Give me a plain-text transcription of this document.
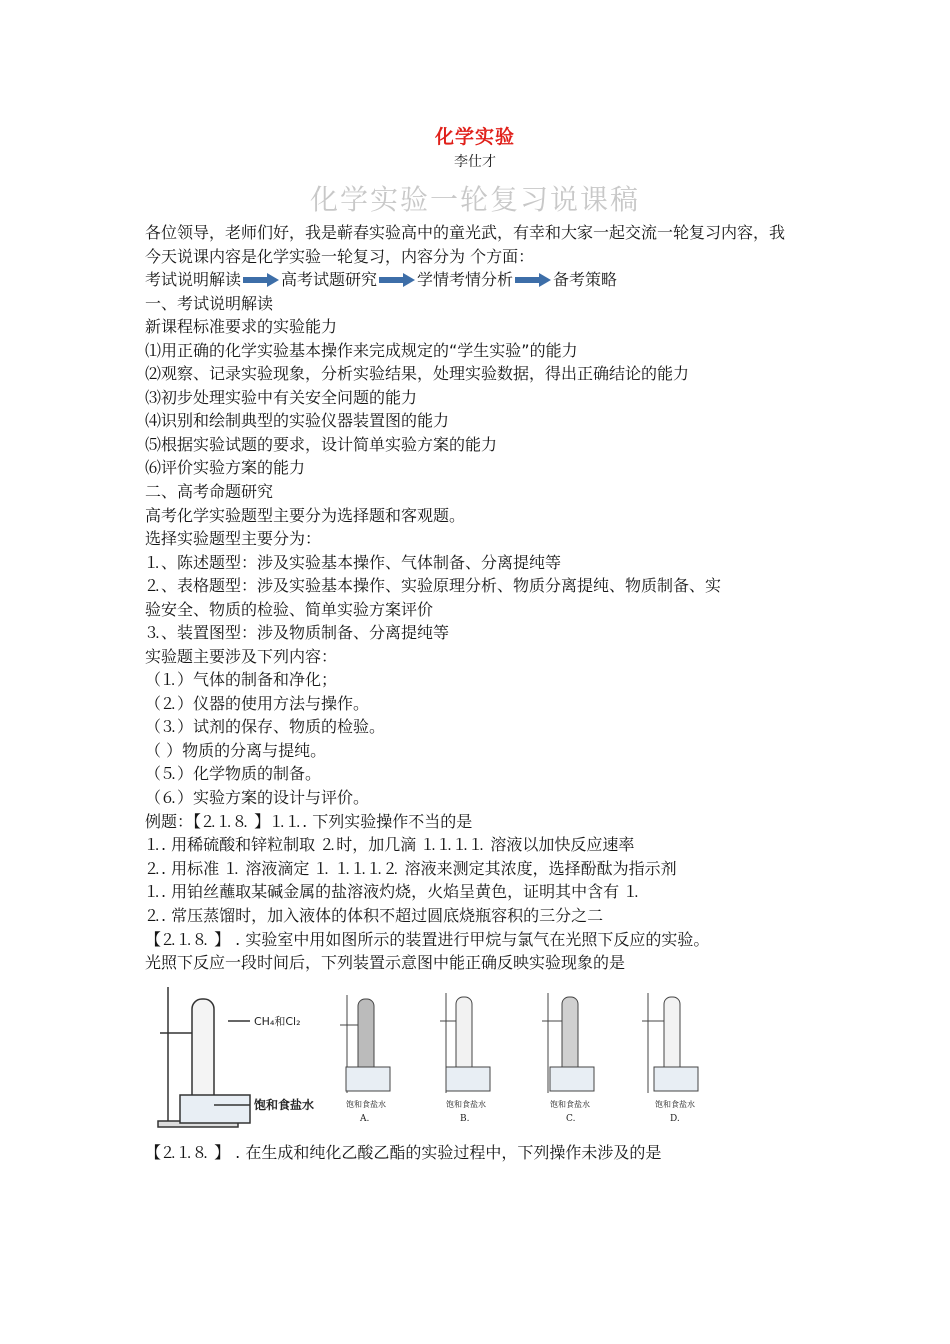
化学实验
李仕才
化学实验一轮复习说课稿
各位领导，老师们好，我是蕲春实验高中的童光武，有幸和大家一起交流一轮复习内容，我
今天说课内容是化学实验一轮复习，内容分为 个方面：
考试说明解读	高考试题研究	学情考情分析	备考策略
一、考试说明解读
新课程标准要求的实验能力
⑴用正确的化学实验基本操作来完成规定的“学生实验”的能力
⑵观察、记录实验现象，分析实验结果，处理实验数据，得出正确结论的能力
⑶初步处理实验中有关安全问题的能力
⑷识别和绘制典型的实验仪器装置图的能力
⑸根据实验试题的要求，设计简单实验方案的能力
⑹评价实验方案的能力
二、高考命题研究
高考化学实验题型主要分为选择题和客观题。
选择实验题型主要分为：
⒈、陈述题型：涉及实验基本操作、气体制备、分离提纯等
⒉、表格题型：涉及实验基本操作、实验原理分析、物质分离提纯、物质制备、实
验安全、物质的检验、简单实验方案评价
⒊、装置图型：涉及物质制备、分离提纯等
实验题主要涉及下列内容：
（⒈）气体的制备和净化；
（⒉）仪器的使用方法与操作。
（⒊）试剂的保存、物质的检验。
（ ）物质的分离与提纯。
（⒌）化学物质的制备。
（⒍）实验方案的设计与评价。
例题：【⒉⒈⒏ 】⒈⒈. 下列实验操作不当的是
⒈. 用稀硫酸和锌粒制取 ⒉时，加几滴 ⒈⒈⒈⒈ 溶液以加快反应速率
⒉. 用标准 ⒈ 溶液滴定 ⒈ ⒈⒈⒈⒉ 溶液来测定其浓度，选择酚酞为指示剂
⒈. 用铂丝蘸取某碱金属的盐溶液灼烧，火焰呈黄色，证明其中含有 ⒈
⒉. 常压蒸馏时，加入液体的体积不超过圆底烧瓶容积的三分之二
【⒉⒈⒏ 】 . 实验室中用如图所示的装置进行甲烷与氯气在光照下反应的实验。
光照下反应一段时间后，下列装置示意图中能正确反映实验现象的是
CH₄和Cl₂
饱和食盐水	饱和食盐水
A.
饱和食盐水
B.
饱和食盐水
C.
饱和食盐水
D.
【⒉⒈⒏ 】 . 在生成和纯化乙酸乙酯的实验过程中，下列操作未涉及的是
